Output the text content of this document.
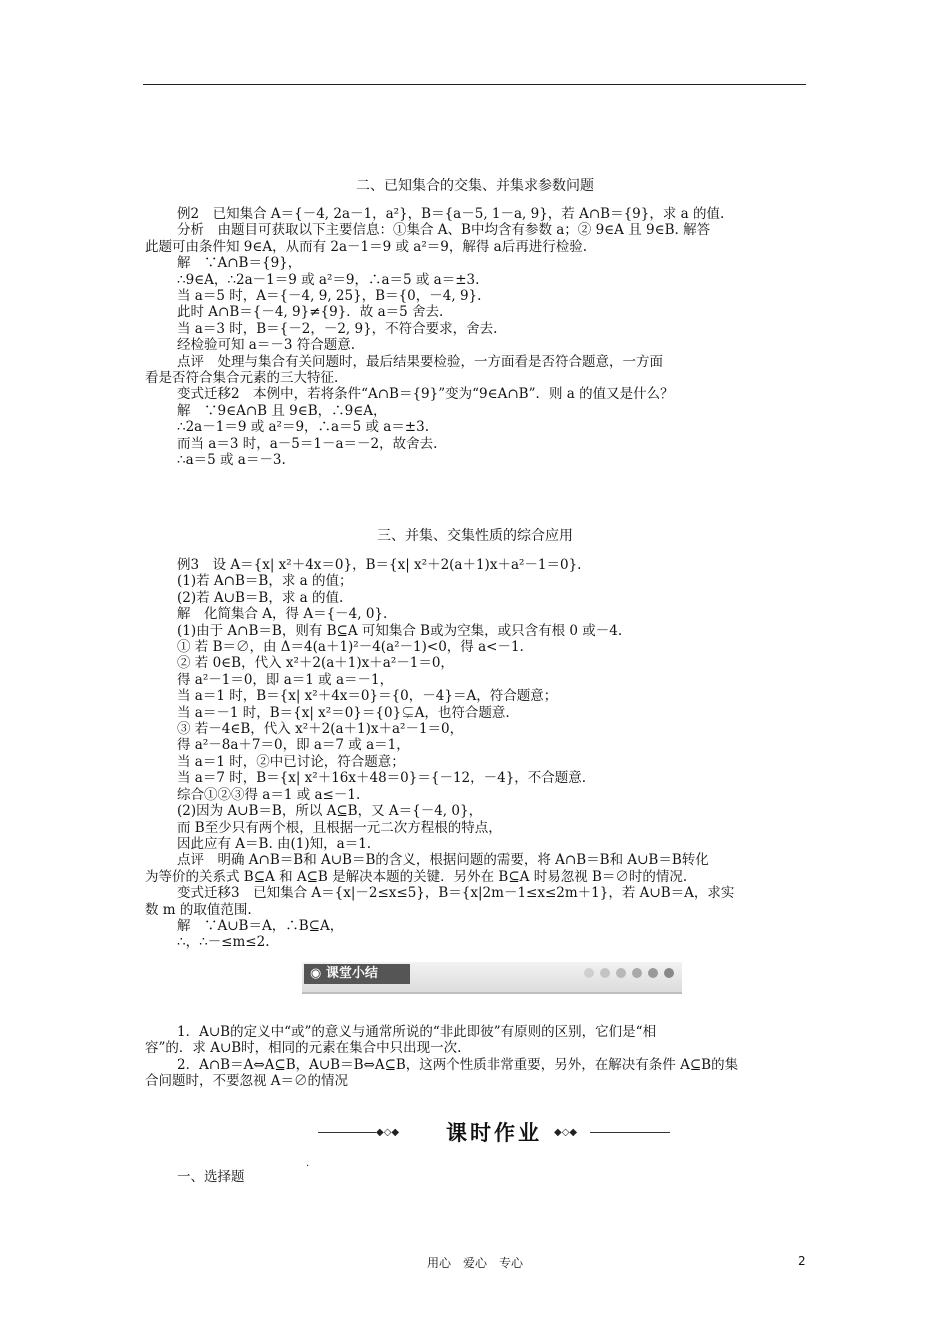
二、已知集合的交集、并集求参数问题

例2　已知集合 A＝{－4, 2a－1，a²}，B＝{a－5, 1－a, 9}，若 A∩B＝{9}，求 a 的值.

分析　由题目可获取以下主要信息：①集合 A、B中均含有参数 a；② 9∈A 且 9∈B. 解答

此题可由条件知 9∈A，从而有 2a－1＝9 或 a²＝9，解得 a后再进行检验.

解　∵A∩B＝{9}，

∴9∈A，∴2a－1＝9 或 a²＝9，∴a＝5 或 a＝±3.

当 a＝5 时，A＝{－4, 9, 25}，B＝{0，－4, 9}.

此时 A∩B＝{－4, 9}≠{9}．故 a＝5 舍去.

当 a＝3 时，B＝{－2，－2, 9}，不符合要求，舍去.

经检验可知 a＝－3 符合题意.

点评　处理与集合有关问题时，最后结果要检验，一方面看是否符合题意，一方面

看是否符合集合元素的三大特征.

变式迁移2　本例中，若将条件“A∩B＝{9}”变为“9∈A∩B”．则 a 的值又是什么？

解　∵9∈A∩B 且 9∈B，∴9∈A，

∴2a－1＝9 或 a²＝9，∴a＝5 或 a＝±3.

而当 a＝3 时，a－5＝1－a＝－2，故舍去.

∴a＝5 或 a＝－3.

三、并集、交集性质的综合应用

例3　设 A＝{x| x²＋4x＝0}，B＝{x| x²＋2(a＋1)x＋a²－1＝0}.

(1)若 A∩B＝B，求 a 的值；

(2)若 A∪B＝B，求 a 的值.

解　化简集合 A，得 A＝{－4, 0}.

(1)由于 A∩B＝B，则有 B⊆A 可知集合 B或为空集，或只含有根 0 或－4.

① 若 B＝∅，由 Δ＝4(a＋1)²－4(a²－1)<0，得 a<－1.

② 若 0∈B，代入 x²＋2(a＋1)x＋a²－1＝0，

得 a²－1＝0，即 a＝1 或 a＝－1，

当 a＝1 时，B＝{x| x²＋4x＝0}＝{0，－4}＝A，符合题意；

当 a＝－1 时，B＝{x| x²＝0}＝{0}⊊A，也符合题意.

③ 若－4∈B，代入 x²＋2(a＋1)x＋a²－1＝0，

得 a²－8a＋7＝0，即 a＝7 或 a＝1，

当 a＝1 时，②中已讨论，符合题意；

当 a＝7 时，B＝{x| x²＋16x＋48＝0}＝{－12，－4}，不合题意.

综合①②③得 a＝1 或 a≤－1.

(2)因为 A∪B＝B，所以 A⊆B，又 A＝{－4, 0}，

而 B至少只有两个根，且根据一元二次方程根的特点，

因此应有 A＝B. 由(1)知，a＝1.

点评　明确 A∩B＝B和 A∪B＝B的含义，根据问题的需要，将 A∩B＝B和 A∪B＝B转化

为等价的关系式 B⊆A 和 A⊆B 是解决本题的关键．另外在 B⊆A 时易忽视 B＝∅时的情况.

变式迁移3　已知集合 A＝{x|－2≤x≤5}，B＝{x|2m－1≤x≤2m＋1}，若 A∪B＝A，求实

数 m 的取值范围.

解　∵A∪B＝A，∴B⊆A，

∴，∴－≤m≤2.

◉ 课堂小结

1．A∪B的定义中“或”的意义与通常所说的“非此即彼”有原则的区别，它们是“相

容”的．求 A∪B时，相同的元素在集合中只出现一次.

2．A∩B＝A⇔A⊆B，A∪B＝B⇔A⊆B，这两个性质非常重要，另外，在解决有条件 A⊆B的集

合问题时，不要忽视 A＝∅的情况

◆◇◆	课时作业	◆◇◆
.

一、选择题

用心　爱心　专心	2
